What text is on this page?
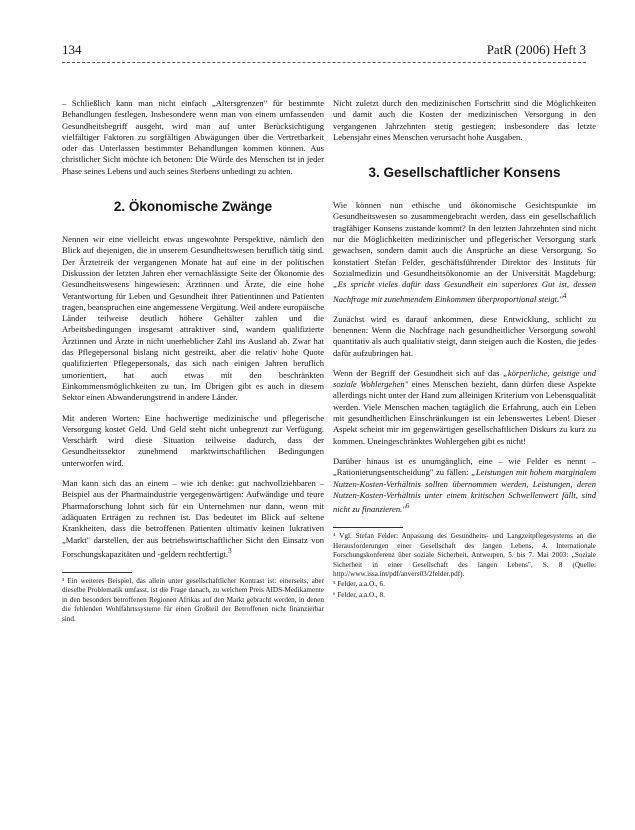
134	PatR (2006) Heft 3

– Schließlich kann man nicht einfach „Altersgrenzen" für bestimmte Behandlungen festlegen. Insbesondere wenn man von einem umfassenden Gesundheitsbegriff ausgeht, wird man auf unter Berücksichtigung vielfältiger Faktoren zu sorgfältigen Abwägungen über die Vertretbarkeit oder das Unterlassen bestimmter Behandlungen kommen können. Aus christlicher Sicht möchte ich betonen: Die Würde des Menschen ist in jeder Phase seines Lebens und auch seines Sterbens unbedingt zu achten.

2. Ökonomische Zwänge

Nennen wir eine vielleicht etwas ungewohnte Perspektive, nämlich den Blick auf diejenigen, die in unserem Gesundheitswesen beruflich tätig sind. Der Ärztetreik der vergangenen Monate hat auf eine in der politischen Diskussion der letzten Jahren eher vernachlässigte Seite der Ökonomie des Gesundheitswesens hingewiesen: Ärztinnen und Ärzte, die eine hohe Verantwortung für Leben und Gesundheit ihrer Patientinnen und Patienten tragen, beanspruchen eine angemessene Vergütung. Weil andere europäische Länder teilweise deutlich höhere Gehälter zahlen und die Arbeitsbedingungen insgesamt attraktiver sind, wandern qualifizierte Ärztinnen und Ärzte in nicht unerheblicher Zahl ins Ausland ab. Zwar hat das Pflegepersonal bislang nicht gestreikt, aber die relativ hohe Quote qualifizierten Pflegepersonals, das sich nach einigen Jahren beruflich umorientiert, hat auch etwas mit den beschränkten Einkommensmöglichkeiten zu tun. Im Übrigen gibt es auch in diesem Sektor einen Abwanderungstrend in andere Länder.

Mit anderen Worten: Eine hochwertige medizinische und pflegerische Versorgung kostet Geld. Und Geld steht nicht unbegrenzt zur Verfügung. Verschärft wird diese Situation teilweise dadurch, dass der Gesundheitssektor zunehmend marktwirtschaftlichen Bedingungen unterworfen wird.

Man kann sich das an einem – wie ich denke: gut nachvollziehbaren – Beispiel aus der Pharmaindustrie vergegenwärtigen: Aufwändige und teure Pharmaforschung lohnt sich für ein Unternehmen nur dann, wenn mit adäquaten Erträgen zu rechnen ist. Das bedeutet im Blick auf seltene Krankheiten, dass die betroffenen Patienten ultimativ keinen lukrativen „Markt" darstellen, der aus betriebswirtschaftlicher Sicht den Einsatz von Forschungskapazitäten und -geldern rechtfertigt.$^3$

³ Ein weiteres Beispiel, das allein unter gesellschaftlicher Kontrast ist: einerseits, aber dieselbe Problematik umfasst, ist die Frage danach, zu welchem Preis AIDS-Medikamente in den besonders betroffenen Regionen Afrikas auf den Markt gebracht werden, in denen die fehlenden Wohlfahrtssysteme für einen Großteil der Betroffenen nicht finanzierbar sind.

Nicht zuletzt durch den medizinischen Fortschritt sind die Möglichkeiten und damit auch die Kosten der medizinischen Versorgung in den vergangenen Jahrzehnten stetig gestiegen; insbesondere das letzte Lebensjahr eines Menschen verursacht hohe Ausgaben.

3. Gesellschaftlicher Konsens

Wie können nun ethische und ökonomische Gesichtspunkte im Gesundheitswesen so zusammengebracht werden, dass ein gesellschaftlich tragfähiger Konsens zustande kommt? In den letzten Jahrzehnten sind nicht nur die Möglichkeiten medizinischer und pflegerischer Versorgung stark gewachsen, sondern damit auch die Ansprüche an diese Versorgung. So konstatiert Stefan Felder, geschäftsführender Direktor des Instituts für Sozialmedizin und Gesundheitsökonomie an der Universität Magdeburg: „Es spricht vieles dafür dass Gesundheit ein superiores Gut ist, dessen Nachfrage mit zunehmendem Einkommen überproportional steigt."$^4$

Zunächst wird es darauf ankommen, diese Entwicklung, schlicht zu benennen: Wenn die Nachfrage nach gesundheitlicher Versorgung sowohl quantitativ als auch qualitativ steigt, dann steigen auch die Kosten, die jedes dafür aufzubringen hat.

Wenn der Begriff der Gesundheit sich auf das „körperliche, geistige und soziale Wohlergehen" eines Menschen bezieht, dann dürfen diese Aspekte allerdings nicht unter der Hand zum alleinigen Kriterium von Lebensqualität werden. Viele Menschen machen tagtäglich die Erfahrung, auch ein Leben mit gesundheitlichen Einschränkungen ist ein lebenswertes Leben! Dieser Aspekt scheint mir im gegenwärtigen gesellschaftlichen Diskurs zu kurz zu kommen. Uneingeschränktes Wohlergehen gibt es nicht!

Darüber hinaus ist es unumgänglich, eine – wie Felder es nennt – „Rationierungsentscheidung" zu fällen: „Leistungen mit hohem marginalem Nutzen-Kosten-Verhältnis sollten übernommen werden, Leistungen, deren Nutzen-Kosten-Verhältnis unter einem kritischen Schwellenwert fällt, sind nicht zu finanzieren."$^6$

⁴ Vgl. Stefan Felder: Anpassung des Gesundheits- und Langzeitpflegesystems an die Herausforderungen einer Gesellschaft des langen Lebens, 4. Internationale Forschungskonferenz über soziale Sicherheit, Antwerpen, 5. bis 7. Mai 2003: „Soziale Sicherheit in einer Gesellschaft des langen Lebens", S. 8 (Quelle: http://www.issa.int/pdf/anvers03/2felder.pdf).

⁵ Felder, a.a.O., 6.

⁶ Felder, a.a.O., 8.
